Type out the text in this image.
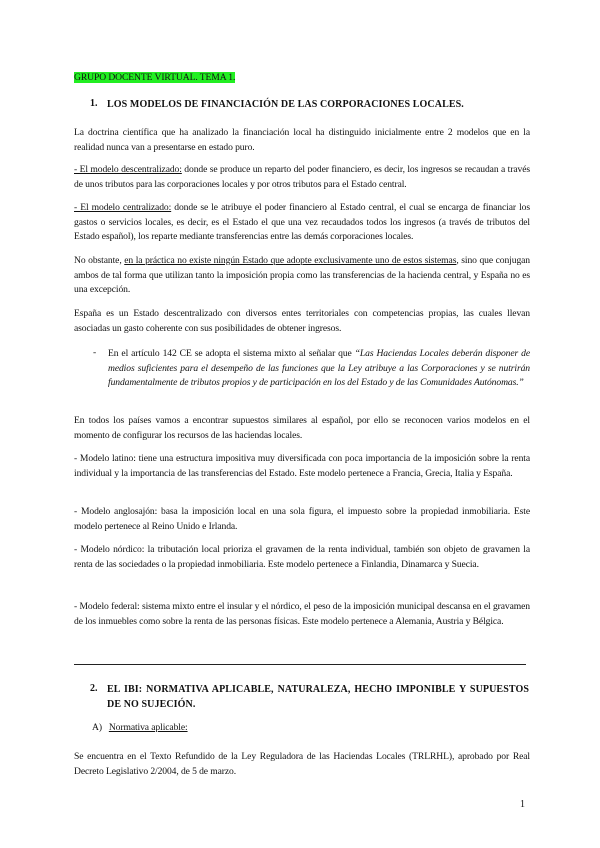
GRUPO DOCENTE VIRTUAL. TEMA 1.
1. LOS MODELOS DE FINANCIACIÓN DE LAS CORPORACIONES LOCALES.
La doctrina científica que ha analizado la financiación local ha distinguido inicialmente entre 2 modelos que en la realidad nunca van a presentarse en estado puro.
- El modelo descentralizado: donde se produce un reparto del poder financiero, es decir, los ingresos se recaudan a través de unos tributos para las corporaciones locales y por otros tributos para el Estado central.
- El modelo centralizado: donde se le atribuye el poder financiero al Estado central, el cual se encarga de financiar los gastos o servicios locales, es decir, es el Estado el que una vez recaudados todos los ingresos (a través de tributos del Estado español), los reparte mediante transferencias entre las demás corporaciones locales.
No obstante, en la práctica no existe ningún Estado que adopte exclusivamente uno de estos sistemas, sino que conjugan ambos de tal forma que utilizan tanto la imposición propia como las transferencias de la hacienda central, y España no es una excepción.
España es un Estado descentralizado con diversos entes territoriales con competencias propias, las cuales llevan asociadas un gasto coherente con sus posibilidades de obtener ingresos.
- En el artículo 142 CE se adopta el sistema mixto al señalar que “Las Haciendas Locales deberán disponer de medios suficientes para el desempeño de las funciones que la Ley atribuye a las Corporaciones y se nutrirán fundamentalmente de tributos propios y de participación en los del Estado y de las Comunidades Autónomas.”
En todos los países vamos a encontrar supuestos similares al español, por ello se reconocen varios modelos en el momento de configurar los recursos de las haciendas locales.
- Modelo latino: tiene una estructura impositiva muy diversificada con poca importancia de la imposición sobre la renta individual y la importancia de las transferencias del Estado. Este modelo pertenece a Francia, Grecia, Italia y España.
- Modelo anglosajón: basa la imposición local en una sola figura, el impuesto sobre la propiedad inmobiliaria. Este modelo pertenece al Reino Unido e Irlanda.
- Modelo nórdico: la tributación local prioriza el gravamen de la renta individual, también son objeto de gravamen la renta de las sociedades o la propiedad inmobiliaria. Este modelo pertenece a Finlandia, Dinamarca y Suecia.
- Modelo federal: sistema mixto entre el insular y el nórdico, el peso de la imposición municipal descansa en el gravamen de los inmuebles como sobre la renta de las personas físicas. Este modelo pertenece a Alemania, Austria y Bélgica.
2. EL IBI: NORMATIVA APLICABLE, NATURALEZA, HECHO IMPONIBLE Y SUPUESTOS DE NO SUJECIÓN.
A) Normativa aplicable:
Se encuentra en el Texto Refundido de la Ley Reguladora de las Haciendas Locales (TRLRHL), aprobado por Real Decreto Legislativo 2/2004, de 5 de marzo.
1
